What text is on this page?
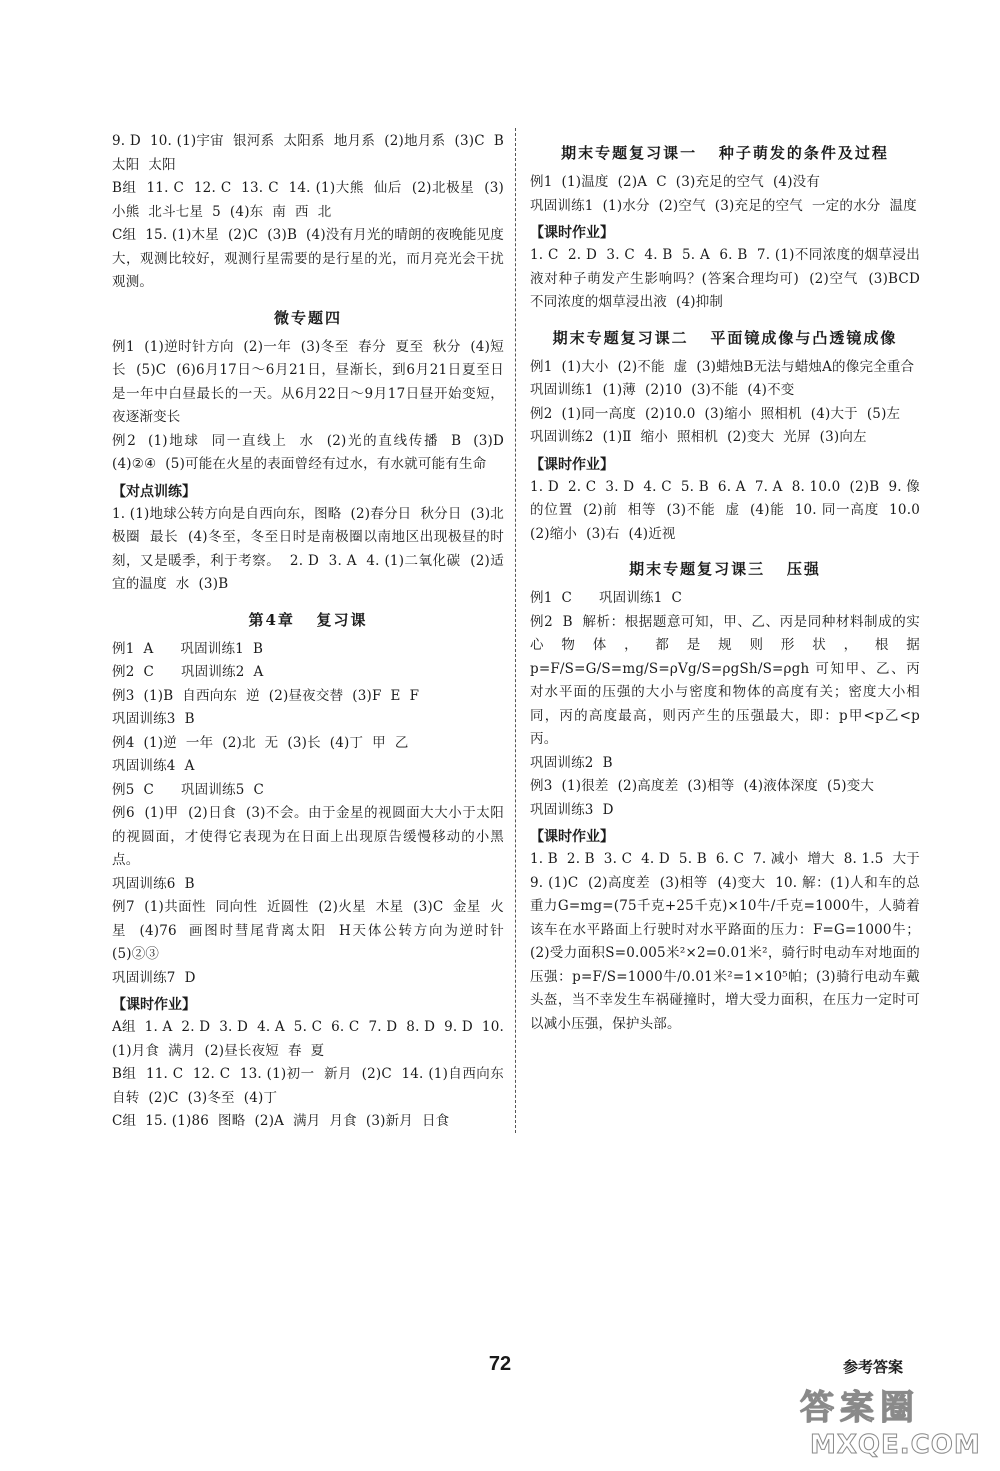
9. D  10. (1)宇宙  银河系  太阳系  地月系  (2)地月系  (3)C  B  太阳  太阳
B组  11. C  12. C  13. C  14. (1)大熊  仙后  (2)北极星  (3)小熊  北斗七星  5  (4)东  南  西  北
C组  15. (1)木星  (2)C  (3)B  (4)没有月光的晴朗的夜晚能见度大，观测比较好，观测行星需要的是行星的光，而月亮光会干扰观测。
微专题四
例1  (1)逆时针方向  (2)一年  (3)冬至  春分  夏至  秋分  (4)短  长  (5)C  (6)6月17日～6月21日，昼渐长，到6月21日夏至日是一年中白昼最长的一天。从6月22日～9月17日昼开始变短，夜逐渐变长
例2  (1)地球  同一直线上  水  (2)光的直线传播  B  (3)D  (4)②④  (5)可能在火星的表面曾经有过水，有水就可能有生命
【对点训练】
1. (1)地球公转方向是自西向东，图略  (2)春分日  秋分日  (3)北极圈  最长  (4)冬至，冬至日时是南极圈以南地区出现极昼的时刻，又是暖季，利于考察。  2. D  3. A  4. (1)二氧化碳  (2)适宜的温度  水  (3)B
第4章   复习课
例1  A      巩固训练1  B
例2  C      巩固训练2  A
例3  (1)B  自西向东  逆  (2)昼夜交替  (3)F  E  F
巩固训练3  B
例4  (1)逆  一年  (2)北  无  (3)长  (4)丁  甲  乙
巩固训练4  A
例5  C      巩固训练5  C
例6  (1)甲  (2)日食  (3)不会。由于金星的视圆面大大小于太阳的视圆面，才使得它表现为在日面上出现原告缓慢移动的小黑点。
巩固训练6  B
例7  (1)共面性  同向性  近圆性  (2)火星  木星  (3)C  金星  火星  (4)76  画图时彗尾背离太阳  H天体公转方向为逆时针  (5)②③
巩固训练7  D
【课时作业】
A组  1. A  2. D  3. D  4. A  5. C  6. C  7. D  8. D  9. D  10. (1)月食  满月  (2)昼长夜短  春  夏
B组  11. C  12. C  13. (1)初一  新月  (2)C  14. (1)自西向东  自转  (2)C  (3)冬至  (4)丁
C组  15. (1)86  图略  (2)A  满月  月食  (3)新月  日食
期末专题复习课一   种子萌发的条件及过程
例1  (1)温度  (2)A  C  (3)充足的空气  (4)没有
巩固训练1  (1)水分  (2)空气  (3)充足的空气  一定的水分  温度
【课时作业】
1. C  2. D  3. C  4. B  5. A  6. B  7. (1)不同浓度的烟草浸出液对种子萌发产生影响吗？(答案合理均可)  (2)空气  (3)BCD  不同浓度的烟草浸出液  (4)抑制
期末专题复习课二   平面镜成像与凸透镜成像
例1  (1)大小  (2)不能  虚  (3)蜡烛B无法与蜡烛A的像完全重合
巩固训练1  (1)薄  (2)10  (3)不能  (4)不变
例2  (1)同一高度  (2)10.0  (3)缩小  照相机  (4)大于  (5)左
巩固训练2  (1)Ⅱ  缩小  照相机  (2)变大  光屏  (3)向左
【课时作业】
1. D  2. C  3. D  4. C  5. B  6. A  7. A  8. 10.0  (2)B  9. 像的位置  (2)前  相等  (3)不能  虚  (4)能  10. 同一高度  10.0  (2)缩小  (3)右  (4)近视
期末专题复习课三   压强
例1  C      巩固训练1  C
例2  B  解析：根据题意可知，甲、乙、丙是同种材料制成的实心物体，都是规则形状，根据 p=F/S=G/S=mg/S=ρVg/S=ρgSh/S=ρgh 可知甲、乙、丙对水平面的压强的大小与密度和物体的高度有关；密度大小相同，丙的高度最高，则丙产生的压强最大，即：p甲<p乙<p丙。
巩固训练2  B
例3  (1)很差  (2)高度差  (3)相等  (4)液体深度  (5)变大
巩固训练3  D
【课时作业】
1. B  2. B  3. C  4. D  5. B  6. C  7. 减小  增大  8. 1.5  大于  9. (1)C  (2)高度差  (3)相等  (4)变大  10. 解：(1)人和车的总重力G=mg=(75千克+25千克)×10牛/千克=1000牛，人骑着该车在水平路面上行驶时对水平路面的压力：F=G=1000牛；(2)受力面积S=0.005米²×2=0.01米²，骑行时电动车对地面的压强：p=F/S=1000牛/0.01米²=1×10⁵帕；(3)骑行电动车戴头盔，当不幸发生车祸碰撞时，增大受力面积，在压力一定时可以减小压强，保护头部。
72	参考答案
答案圈
MXQE.COM
